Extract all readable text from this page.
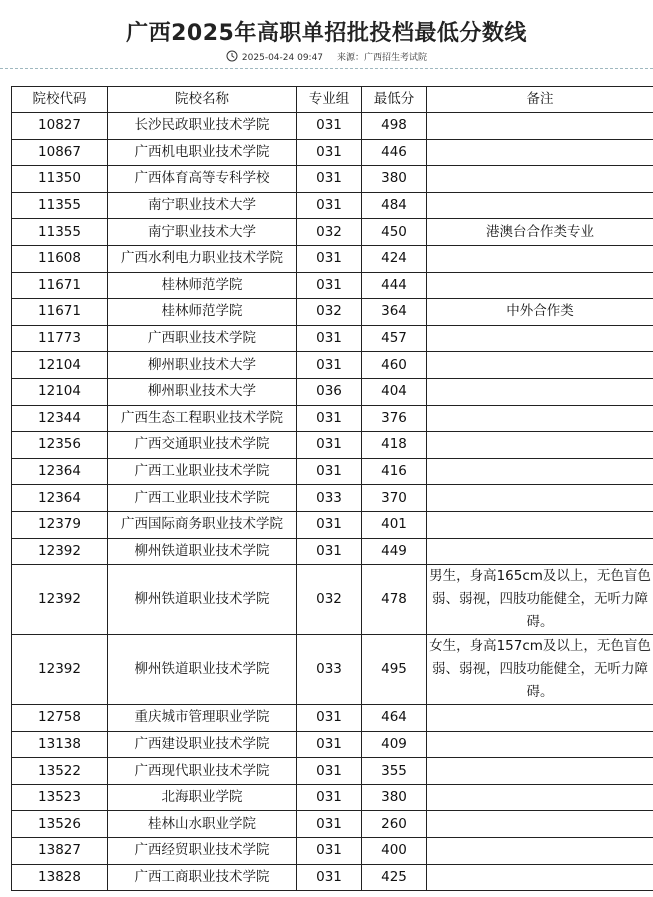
广西2025年高职单招批投档最低分数线
2025-04-24 09:47 来源：广西招生考试院
院校代码	院校名称	专业组	最低分	备注
10827	长沙民政职业技术学院	031	498	
10867	广西机电职业技术学院	031	446	
11350	广西体育高等专科学校	031	380	
11355	南宁职业技术大学	031	484	
11355	南宁职业技术大学	032	450	港澳台合作类专业
11608	广西水利电力职业技术学院	031	424	
11671	桂林师范学院	031	444	
11671	桂林师范学院	032	364	中外合作类
11773	广西职业技术学院	031	457	
12104	柳州职业技术大学	031	460	
12104	柳州职业技术大学	036	404	
12344	广西生态工程职业技术学院	031	376	
12356	广西交通职业技术学院	031	418	
12364	广西工业职业技术学院	031	416	
12364	广西工业职业技术学院	033	370	
12379	广西国际商务职业技术学院	031	401	
12392	柳州铁道职业技术学院	031	449	
12392	柳州铁道职业技术学院	032	478	男生，身高165cm及以上，无色盲色弱、弱视，四肢功能健全，无听力障碍。
12392	柳州铁道职业技术学院	033	495	女生，身高157cm及以上，无色盲色弱、弱视，四肢功能健全，无听力障碍。
12758	重庆城市管理职业学院	031	464	
13138	广西建设职业技术学院	031	409	
13522	广西现代职业技术学院	031	355	
13523	北海职业学院	031	380	
13526	桂林山水职业学院	031	260	
13827	广西经贸职业技术学院	031	400	
13828	广西工商职业技术学院	031	425	
